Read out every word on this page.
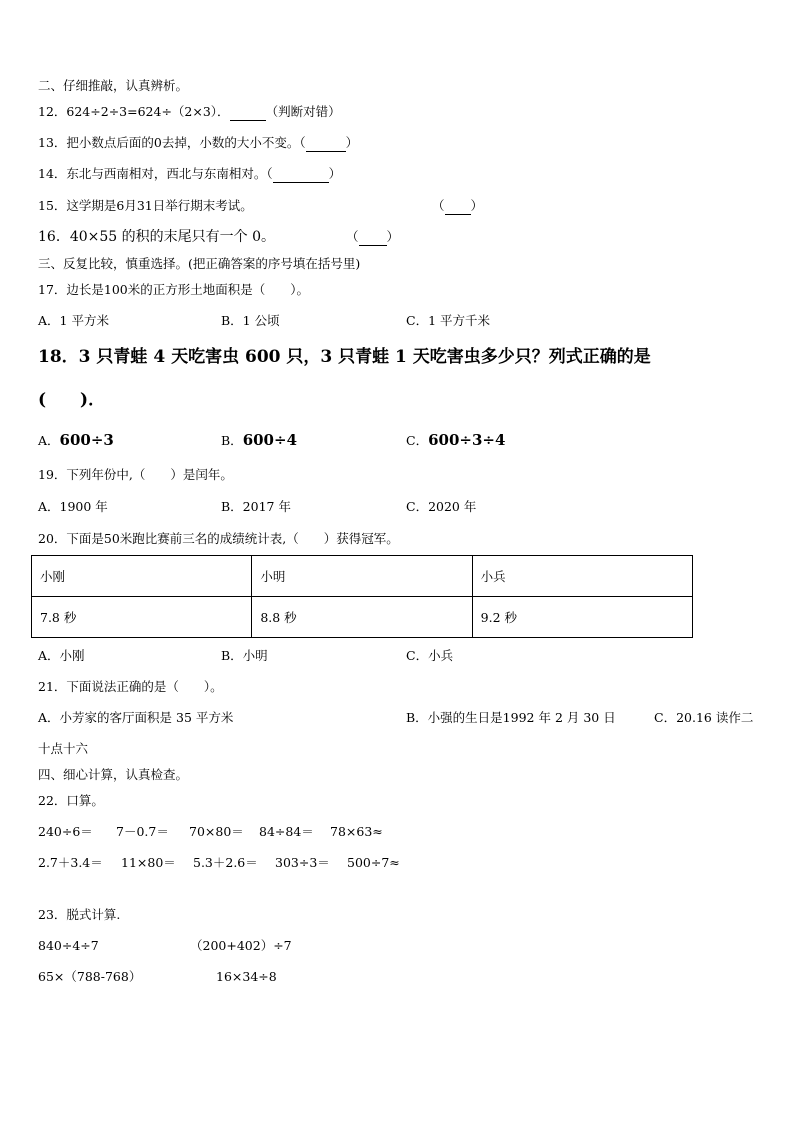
二、仔细推敲，认真辨析。
12．624÷2÷3=624÷（2×3）．	（判断对错）
13．把小数点后面的0去掉，小数的大小不变。（	）
14．东北与西南相对，西北与东南相对。（	）
15．这学期是6月31日举行期末考试。	（ ）
16．40×55 的积的末尾只有一个 0。	（ ）
三、反复比较，慎重选择。(把正确答案的序号填在括号里)
17．边长是100米的正方形土地面积是（　　）。
A．1 平方米	B．1 公顷	C．1 平方千米
18．3 只青蛙 4 天吃害虫 600 只，3 只青蛙 1 天吃害虫多少只？列式正确的是
(　　)．
A．600÷3	B．600÷4	C．600÷3÷4
19．下列年份中,（　　）是闰年。
A．1900 年	B．2017 年	C．2020 年
20．下面是50米跑比赛前三名的成绩统计表,（　　）获得冠军。
小刚	小明	小兵
7.8 秒	8.8 秒	9.2 秒
A．小刚	B．小明	C．小兵
21．下面说法正确的是（　　）。
A．小芳家的客厅面积是 35 平方米	B．小强的生日是1992 年 2 月 30 日	C．20.16 读作二
十点十六
四、细心计算，认真检查。
22．口算。
240÷6＝ 7－0.7＝ 70×80＝ 84÷84＝ 78×63≈
2.7＋3.4＝ 11×80＝ 5.3＋2.6＝ 303÷3＝ 500÷7≈
23．脱式计算.
840÷4÷7	（200+402）÷7
65×（788-768）	16×34÷8
